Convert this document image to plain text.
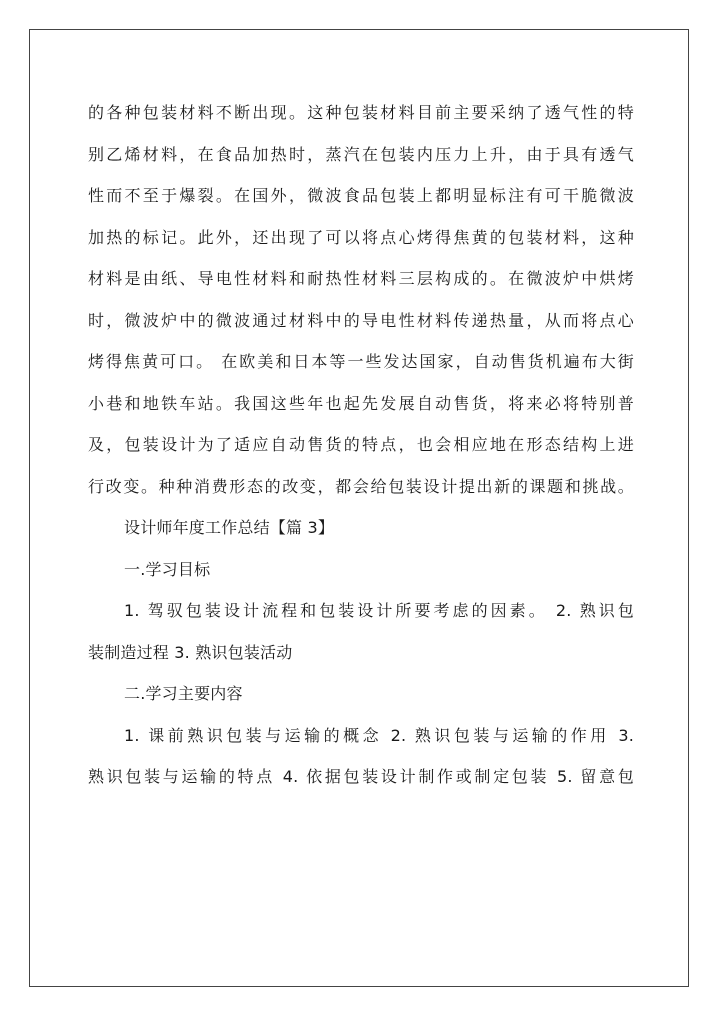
的各种包装材料不断出现。这种包装材料目前主要采纳了透气性的特
别乙烯材料，在食品加热时，蒸汽在包装内压力上升，由于具有透气
性而不至于爆裂。在国外，微波食品包装上都明显标注有可干脆微波
加热的标记。此外，还出现了可以将点心烤得焦黄的包装材料，这种
材料是由纸、导电性材料和耐热性材料三层构成的。在微波炉中烘烤
时，微波炉中的微波通过材料中的导电性材料传递热量，从而将点心
烤得焦黄可口。 在欧美和日本等一些发达国家，自动售货机遍布大街
小巷和地铁车站。我国这些年也起先发展自动售货，将来必将特别普
及，包装设计为了适应自动售货的特点，也会相应地在形态结构上进
行改变。种种消费形态的改变，都会给包装设计提出新的课题和挑战。
设计师年度工作总结【篇 3】
一.学习目标
1. 驾驭包装设计流程和包装设计所要考虑的因素。 2. 熟识包
装制造过程 3. 熟识包装活动
二.学习主要内容
1. 课前熟识包装与运输的概念 2. 熟识包装与运输的作用 3.
熟识包装与运输的特点 4. 依据包装设计制作或制定包装 5. 留意包
